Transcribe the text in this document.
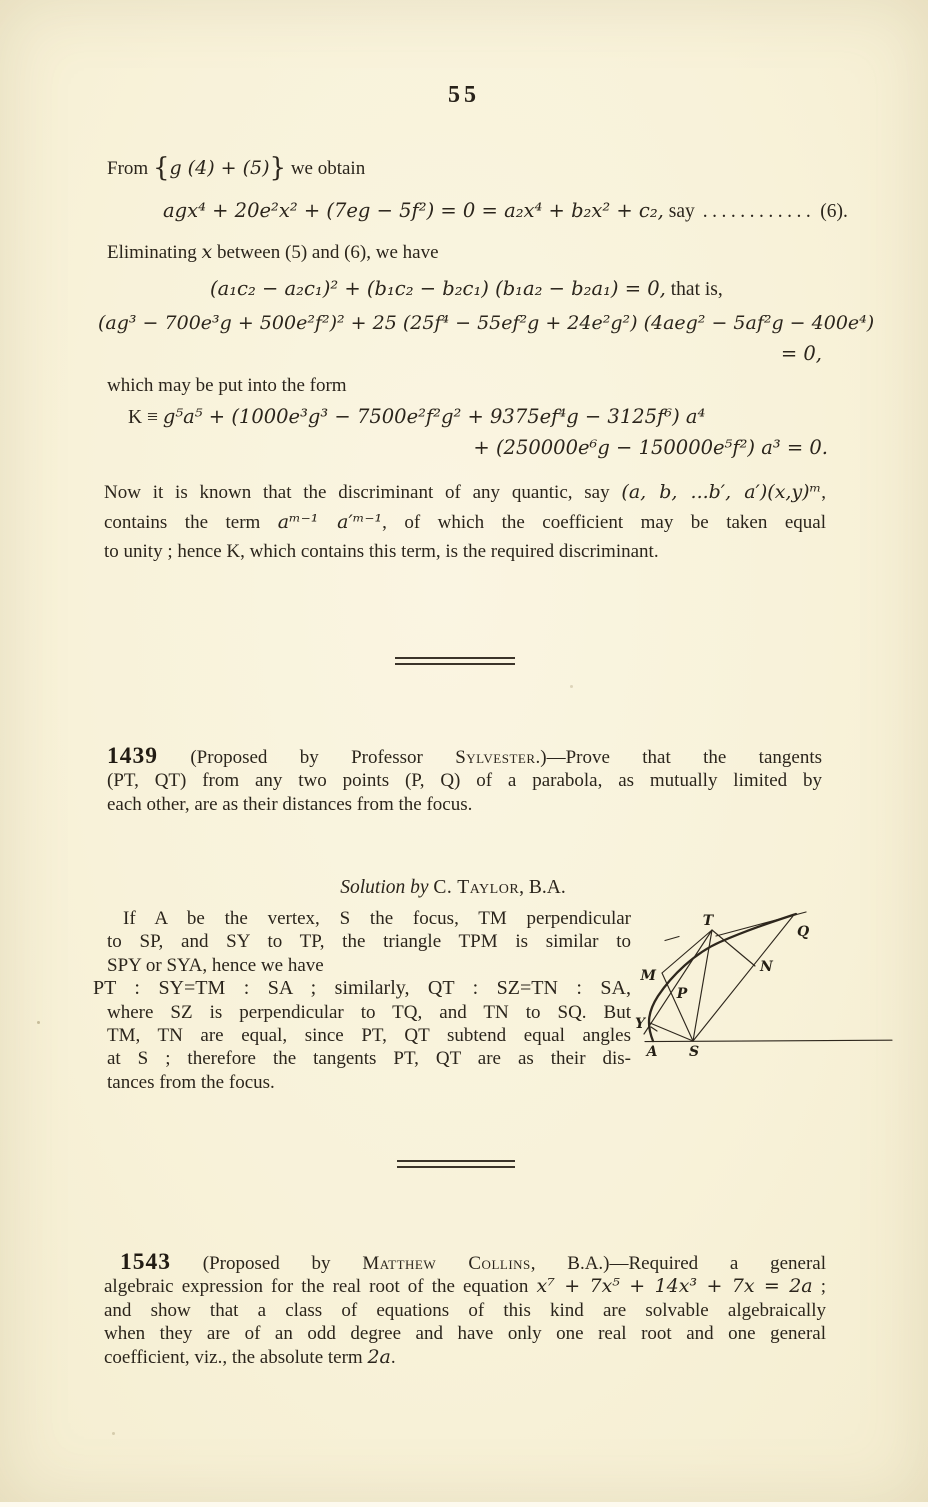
55
From {g (4) + (5)} we obtain
agx⁴ + 20e²x² + (7eg − 5f²) = 0 = a₂x⁴ + b₂x² + c₂, say ............ (6).
Eliminating x between (5) and (6), we have
(a₁c₂ − a₂c₁)² + (b₁c₂ − b₂c₁) (b₁a₂ − b₂a₁) = 0, that is,
(ag³ − 700e³g + 500e²f²)² + 25 (25f⁴ − 55ef²g + 24e²g²) (4aeg² − 5af²g − 400e⁴)
= 0,
which may be put into the form
K ≡ g⁵a⁵ + (1000e³g³ − 7500e²f²g² + 9375ef⁴g − 3125f⁶) a⁴
+ (250000e⁶g − 150000e⁵f²) a³ = 0.
Now it is known that the discriminant of any quantic, say (a, b, ...b′, a′)(x,y)ᵐ,
contains the term aᵐ⁻¹ a′ᵐ⁻¹, of which the coefficient may be taken equal
to unity ; hence K, which contains this term, is the required discriminant.
1439 (Proposed by Professor Sylvester.)—Prove that the tangents
(PT, QT) from any two points (P, Q) of a parabola, as mutually limited by
each other, are as their distances from the focus.
Solution by C. Taylor, B.A.
If A be the vertex, S the focus, TM perpendicular
to SP, and SY to TP, the triangle TPM is similar to
SPY or SYA, hence we have
PT : SY=TM : SA ; similarly, QT : SZ=TN : SA,
where SZ is perpendicular to TQ, and TN to SQ. But
TM, TN are equal, since PT, QT subtend equal angles
at S ; therefore the tangents PT, QT are as their dis-
tances from the focus.
T
Q
M
N
P
Y
A S
1543 (Proposed by Matthew Collins, B.A.)—Required a general
algebraic expression for the real root of the equation x⁷ + 7x⁵ + 14x³ + 7x = 2a ;
and show that a class of equations of this kind are solvable algebraically
when they are of an odd degree and have only one real root and one general
coefficient, viz., the absolute term 2a.
